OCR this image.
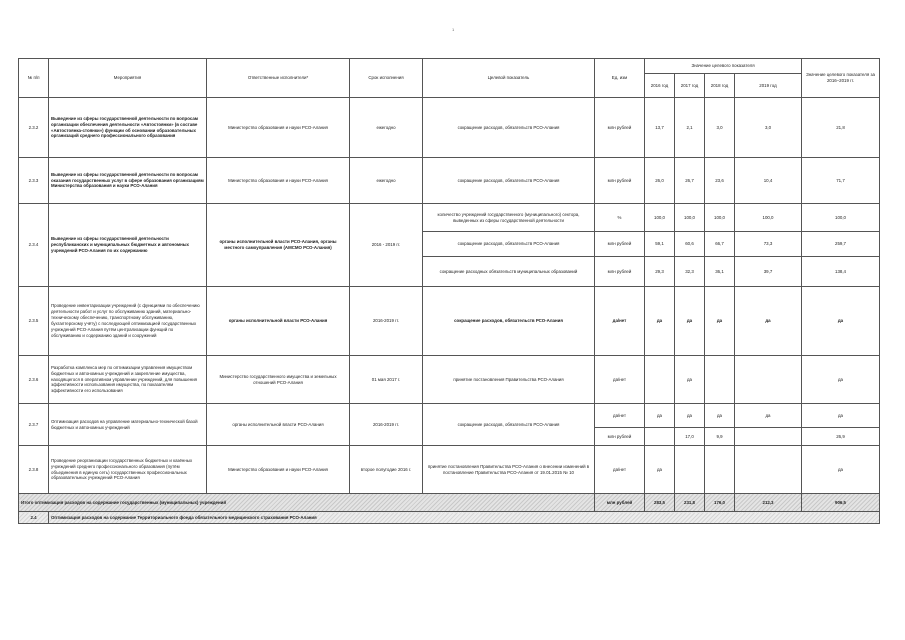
1
№ п/п	Мероприятия	Ответственные исполнители*	Срок исполнения	Целевой показатель	Ед. изм	Значение целевого показателя				Значение целевого показателя за 2016–2019 гг.
						2016 год	2017 год	2018 год	2019 год	
2.3.2	Выведение из сферы государственной деятельности по вопросам организации обеспечения деятельности «Автостоянки» (в составе «Автостоянка-стоянки») функции об основании образовательных организаций среднего профессионального образования	Министерство образования и науки РСО-Алания	ежегодно	сокращение расходов, обязательств РСО-Алания	млн рублей	13,7	2,1	3,0	3,0	21,8
2.3.3	Выведение из сферы государственной деятельности по вопросам оказания государственных услуг в сфере образования организациям Министерства образования и науки РСО-Алания	Министерство образования и науки РСО-Алания	ежегодно	сокращение расходов, обязательств РСО-Алания	млн рублей	26,0	26,7	23,6	10,4	71,7
2.3.4	Выведение из сферы государственной деятельности республиканских и муниципальных бюджетных и автономных учреждений РСО-Алания по их содержанию	органы исполнительной власти РСО-Алания, органы местного самоуправления (АМСМО РСО-Алания)	2016 - 2019 гг.	количество учреждений государственного (муниципального) сектора, выведенных из сферы государственной деятельности	%	100,0	100,0	100,0	100,0	100,0
				сокращение расходов, обязательств РСО-Алания	млн рублей	59,1	60,6	66,7	73,3	259,7
				сокращение расходных обязательств муниципальных образований	млн рублей	29,3	32,3	36,1	39,7	138,4
2.3.5	Проведение инвентаризации учреждений (с функциями по обеспечению деятельности работ и услуг по обслуживанию зданий, материально-техническому обеспечению, транспортному обслуживанию, бухгалтерскому учёту) с последующей оптимизацией государственных учреждений РСО-Алания путём централизации функций по обслуживанию и содержанию зданий и сооружений	органы исполнительной власти РСО-Алания	2016-2019 гг.	сокращение расходов, обязательств РСО-Алания	да/нет	да	да	да	да	да
2.3.6	Разработка комплекса мер по оптимизации управления имуществом бюджетных и автономных учреждений и закрепление имущества, находящегося в оперативном управлении учреждений, для повышения эффективности использования имущества, по показателям эффективности его использования	Министерство государственного имущества и земельных отношений РСО-Алания	01 мая 2017 г.	принятие постановления Правительства РСО-Алания	да/нет		да			да
2.3.7	Оптимизация расходов на управление материально-технической базой бюджетных и автономных учреждений	органы исполнительной власти РСО-Алания	2016-2019 гг.	сокращение расходов, обязательств РСО-Алания	да/нет	да	да	да	да	да
					млн рублей		17,0	9,9		26,9
2.3.8	Проведение реорганизации государственных бюджетных и казённых учреждений среднего профессионального образования (путём объединения в единую сеть) государственных профессиональных образовательных учреждений РСО-Алания	Министерство образования и науки РСО-Алания	второе полугодие 2016 г.	принятие постановления Правительства РСО-Алания о внесении изменений в постановление Правительства РСО-Алания от 19.01.2015 № 10	да/нет	да				да
Итого оптимизация расходов на содержание государственных (муниципальных) учреждений					млн рублей	283,5	231,8	176,0	212,3	906,5
2.4	Оптимизация расходов на содержание Территориального фонда обязательного медицинского страхования РСО-Алания									
